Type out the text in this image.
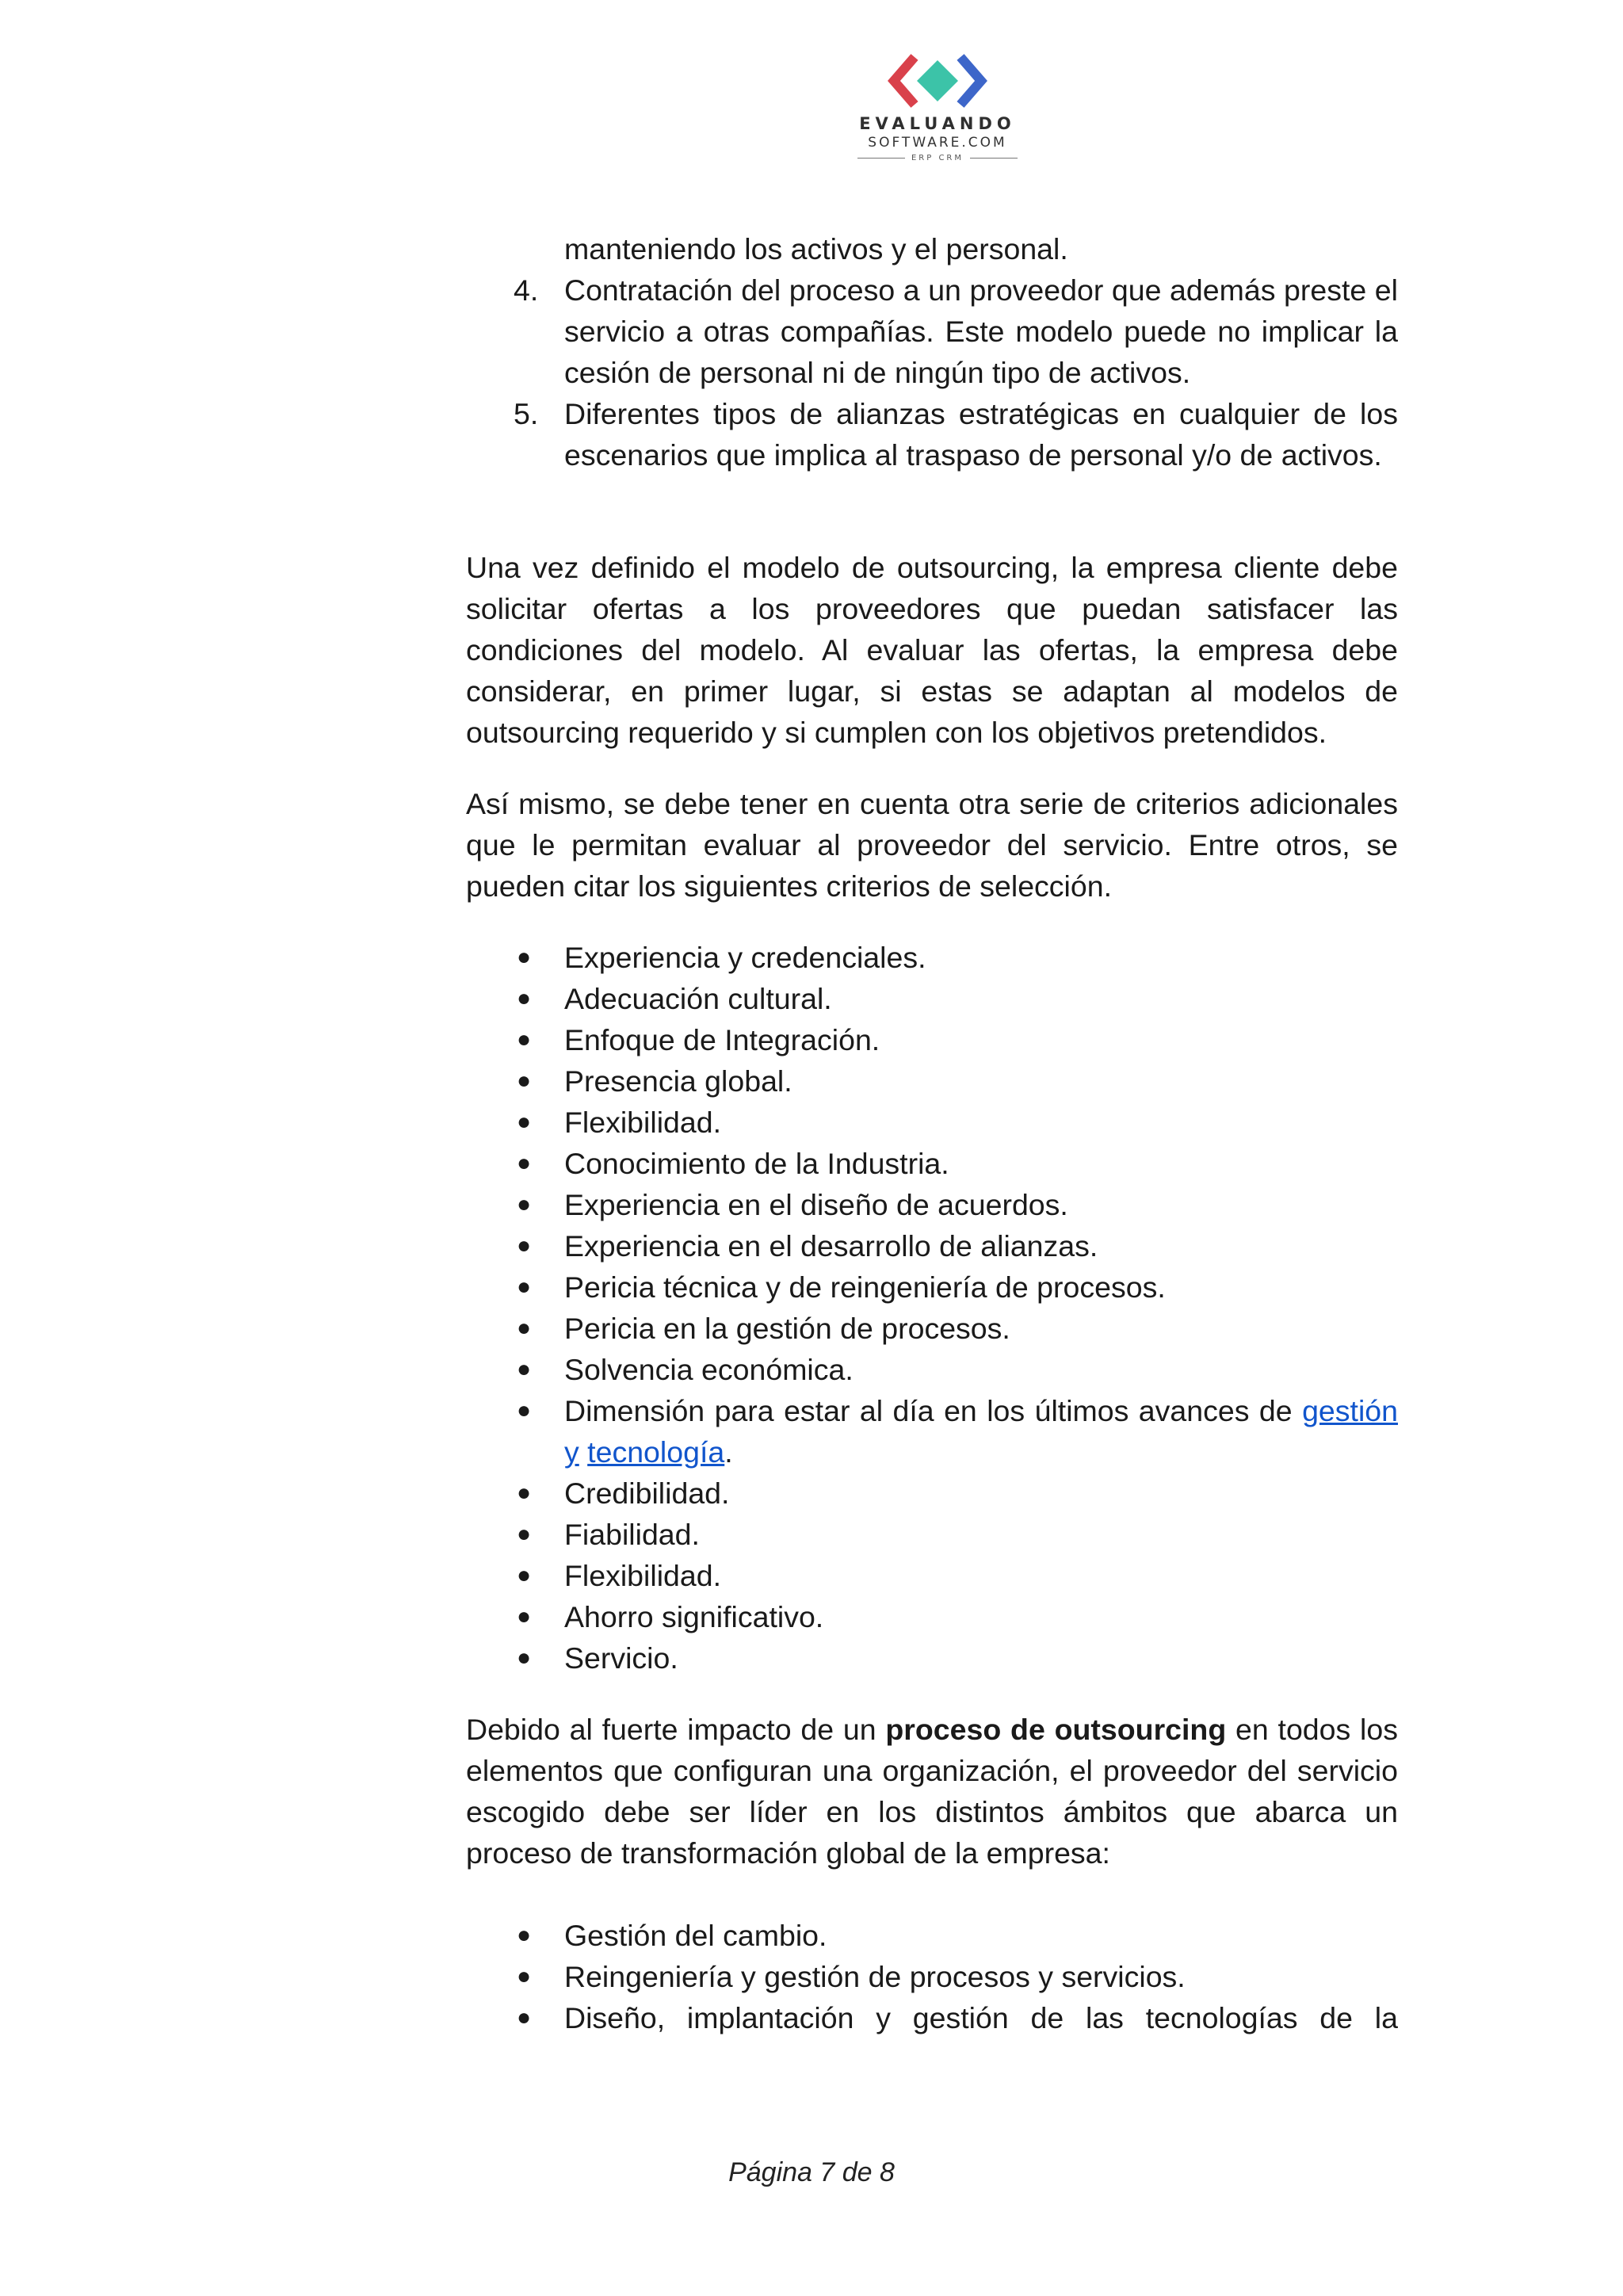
EVALUANDO
SOFTWARE.COM
ERP CRM
manteniendo los activos y el personal.
4. Contratación del proceso a un proveedor que además preste el servicio a otras compañías. Este modelo puede no implicar la cesión de personal ni de ningún tipo de activos.
5. Diferentes tipos de alianzas estratégicas en cualquier de los escenarios que implica al traspaso de personal y/o de activos.

Una vez definido el modelo de outsourcing, la empresa cliente debe solicitar ofertas a los proveedores que puedan satisfacer las condiciones del modelo. Al evaluar las ofertas, la empresa debe considerar, en primer lugar, si estas se adaptan al modelos de outsourcing requerido y si cumplen con los objetivos pretendidos.

Así mismo, se debe tener en cuenta otra serie de criterios adicionales que le permitan evaluar al proveedor del servicio. Entre otros, se pueden citar los siguientes criterios de selección.

● Experiencia y credenciales.
● Adecuación cultural.
● Enfoque de Integración.
● Presencia global.
● Flexibilidad.
● Conocimiento de la Industria.
● Experiencia en el diseño de acuerdos.
● Experiencia en el desarrollo de alianzas.
● Pericia técnica y de reingeniería de procesos.
● Pericia en la gestión de procesos.
● Solvencia económica.
● Dimensión para estar al día en los últimos avances de gestión y tecnología.
● Credibilidad.
● Fiabilidad.
● Flexibilidad.
● Ahorro significativo.
● Servicio.

Debido al fuerte impacto de un proceso de outsourcing en todos los elementos que configuran una organización, el proveedor del servicio escogido debe ser líder en los distintos ámbitos que abarca un proceso de transformación global de la empresa:

● Gestión del cambio.
● Reingeniería y gestión de procesos y servicios.
● Diseño, implantación y gestión de las tecnologías de la
Página 7 de 8
